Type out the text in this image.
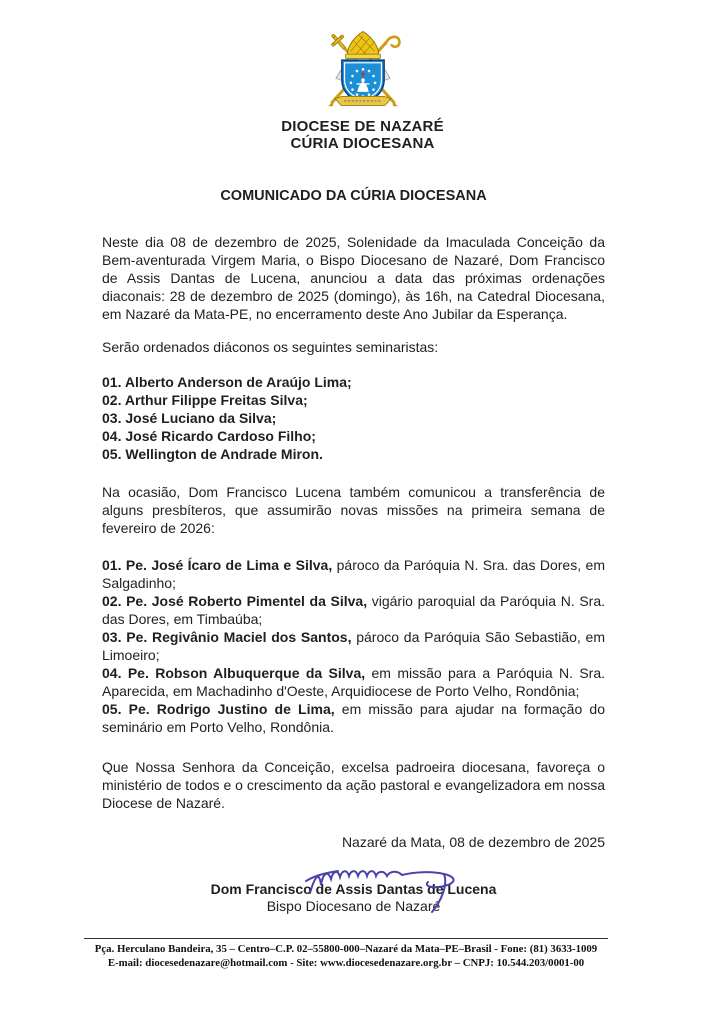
DIOCESE DE NAZARÉ
CÚRIA DIOCESANA
COMUNICADO DA CÚRIA DIOCESANA

Neste dia 08 de dezembro de 2025, Solenidade da Imaculada Conceição da Bem-aventurada Virgem Maria, o Bispo Diocesano de Nazaré, Dom Francisco de Assis Dantas de Lucena, anunciou a data das próximas ordenações diaconais: 28 de dezembro de 2025 (domingo), às 16h, na Catedral Diocesana, em Nazaré da Mata-PE, no encerramento deste Ano Jubilar da Esperança.

Serão ordenados diáconos os seguintes seminaristas:

01. Alberto Anderson de Araújo Lima;
02. Arthur Filippe Freitas Silva;
03. José Luciano da Silva;
04. José Ricardo Cardoso Filho;
05. Wellington de Andrade Miron.

Na ocasião, Dom Francisco Lucena também comunicou a transferência de alguns presbíteros, que assumirão novas missões na primeira semana de fevereiro de 2026:

01. Pe. José Ícaro de Lima e Silva, pároco da Paróquia N. Sra. das Dores, em Salgadinho;
02. Pe. José Roberto Pimentel da Silva, vigário paroquial da Paróquia N. Sra. das Dores, em Timbaúba;
03. Pe. Regivânio Maciel dos Santos, pároco da Paróquia São Sebastião, em Limoeiro;
04. Pe. Robson Albuquerque da Silva, em missão para a Paróquia N. Sra. Aparecida, em Machadinho d'Oeste, Arquidiocese de Porto Velho, Rondônia;
05. Pe. Rodrigo Justino de Lima, em missão para ajudar na formação do seminário em Porto Velho, Rondônia.

Que Nossa Senhora da Conceição, excelsa padroeira diocesana, favoreça o ministério de todos e o crescimento da ação pastoral e evangelizadora em nossa Diocese de Nazaré.

Nazaré da Mata, 08 de dezembro de 2025
Dom Francisco de Assis Dantas de Lucena
Bispo Diocesano de Nazaré
Pça. Herculano Bandeira, 35 – Centro–C.P. 02–55800-000–Nazaré da Mata–PE–Brasil - Fone: (81) 3633-1009
E-mail: diocesedenazare@hotmail.com - Site: www.diocesedenazare.org.br – CNPJ: 10.544.203/0001-00
